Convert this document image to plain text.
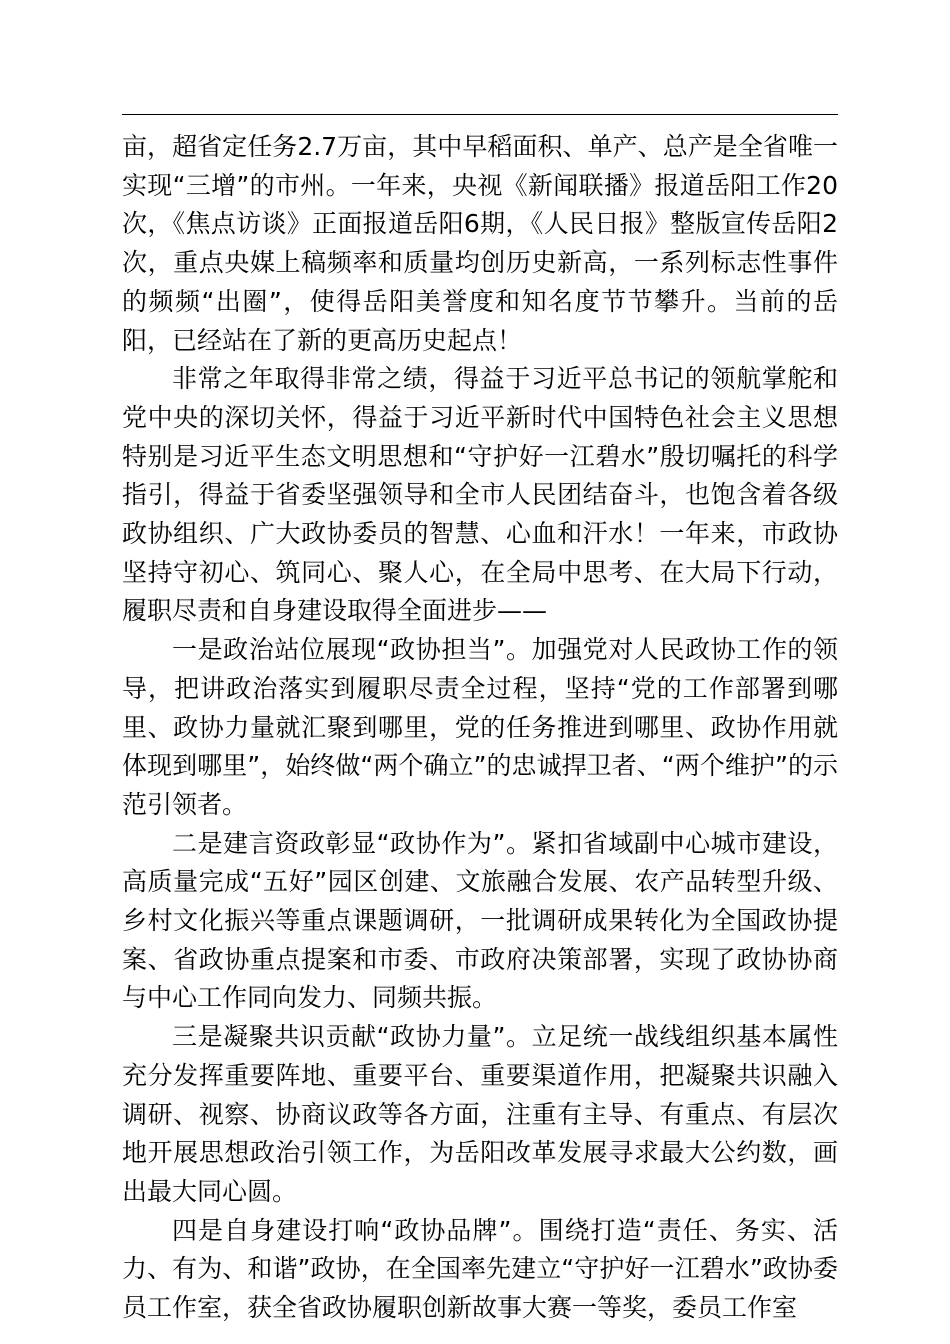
亩，超省定任务2.7万亩，其中早稻面积、单产、总产是全省唯一实现“三增”的市州。一年来，央视《新闻联播》报道岳阳工作20次，《焦点访谈》正面报道岳阳6期，《人民日报》整版宣传岳阳2次，重点央媒上稿频率和质量均创历史新高，一系列标志性事件的频频“出圈”，使得岳阳美誉度和知名度节节攀升。当前的岳阳，已经站在了新的更高历史起点！

非常之年取得非常之绩，得益于习近平总书记的领航掌舵和党中央的深切关怀，得益于习近平新时代中国特色社会主义思想特别是习近平生态文明思想和“守护好一江碧水”殷切嘱托的科学指引，得益于省委坚强领导和全市人民团结奋斗，也饱含着各级政协组织、广大政协委员的智慧、心血和汗水！一年来，市政协坚持守初心、筑同心、聚人心，在全局中思考、在大局下行动，履职尽责和自身建设取得全面进步——

一是政治站位展现“政协担当”。加强党对人民政协工作的领导，把讲政治落实到履职尽责全过程，坚持“党的工作部署到哪里、政协力量就汇聚到哪里，党的任务推进到哪里、政协作用就体现到哪里”，始终做“两个确立”的忠诚捍卫者、“两个维护”的示范引领者。

二是建言资政彰显“政协作为”。紧扣省域副中心城市建设，高质量完成“五好”园区创建、文旅融合发展、农产品转型升级、乡村文化振兴等重点课题调研，一批调研成果转化为全国政协提案、省政协重点提案和市委、市政府决策部署，实现了政协协商与中心工作同向发力、同频共振。

三是凝聚共识贡献“政协力量”。立足统一战线组织基本属性充分发挥重要阵地、重要平台、重要渠道作用，把凝聚共识融入调研、视察、协商议政等各方面，注重有主导、有重点、有层次地开展思想政治引领工作，为岳阳改革发展寻求最大公约数，画出最大同心圆。

四是自身建设打响“政协品牌”。围绕打造“责任、务实、活力、有为、和谐”政协，在全国率先建立“守护好一江碧水”政协委员工作室，获全省政协履职创新故事大赛一等奖，委员工作室
